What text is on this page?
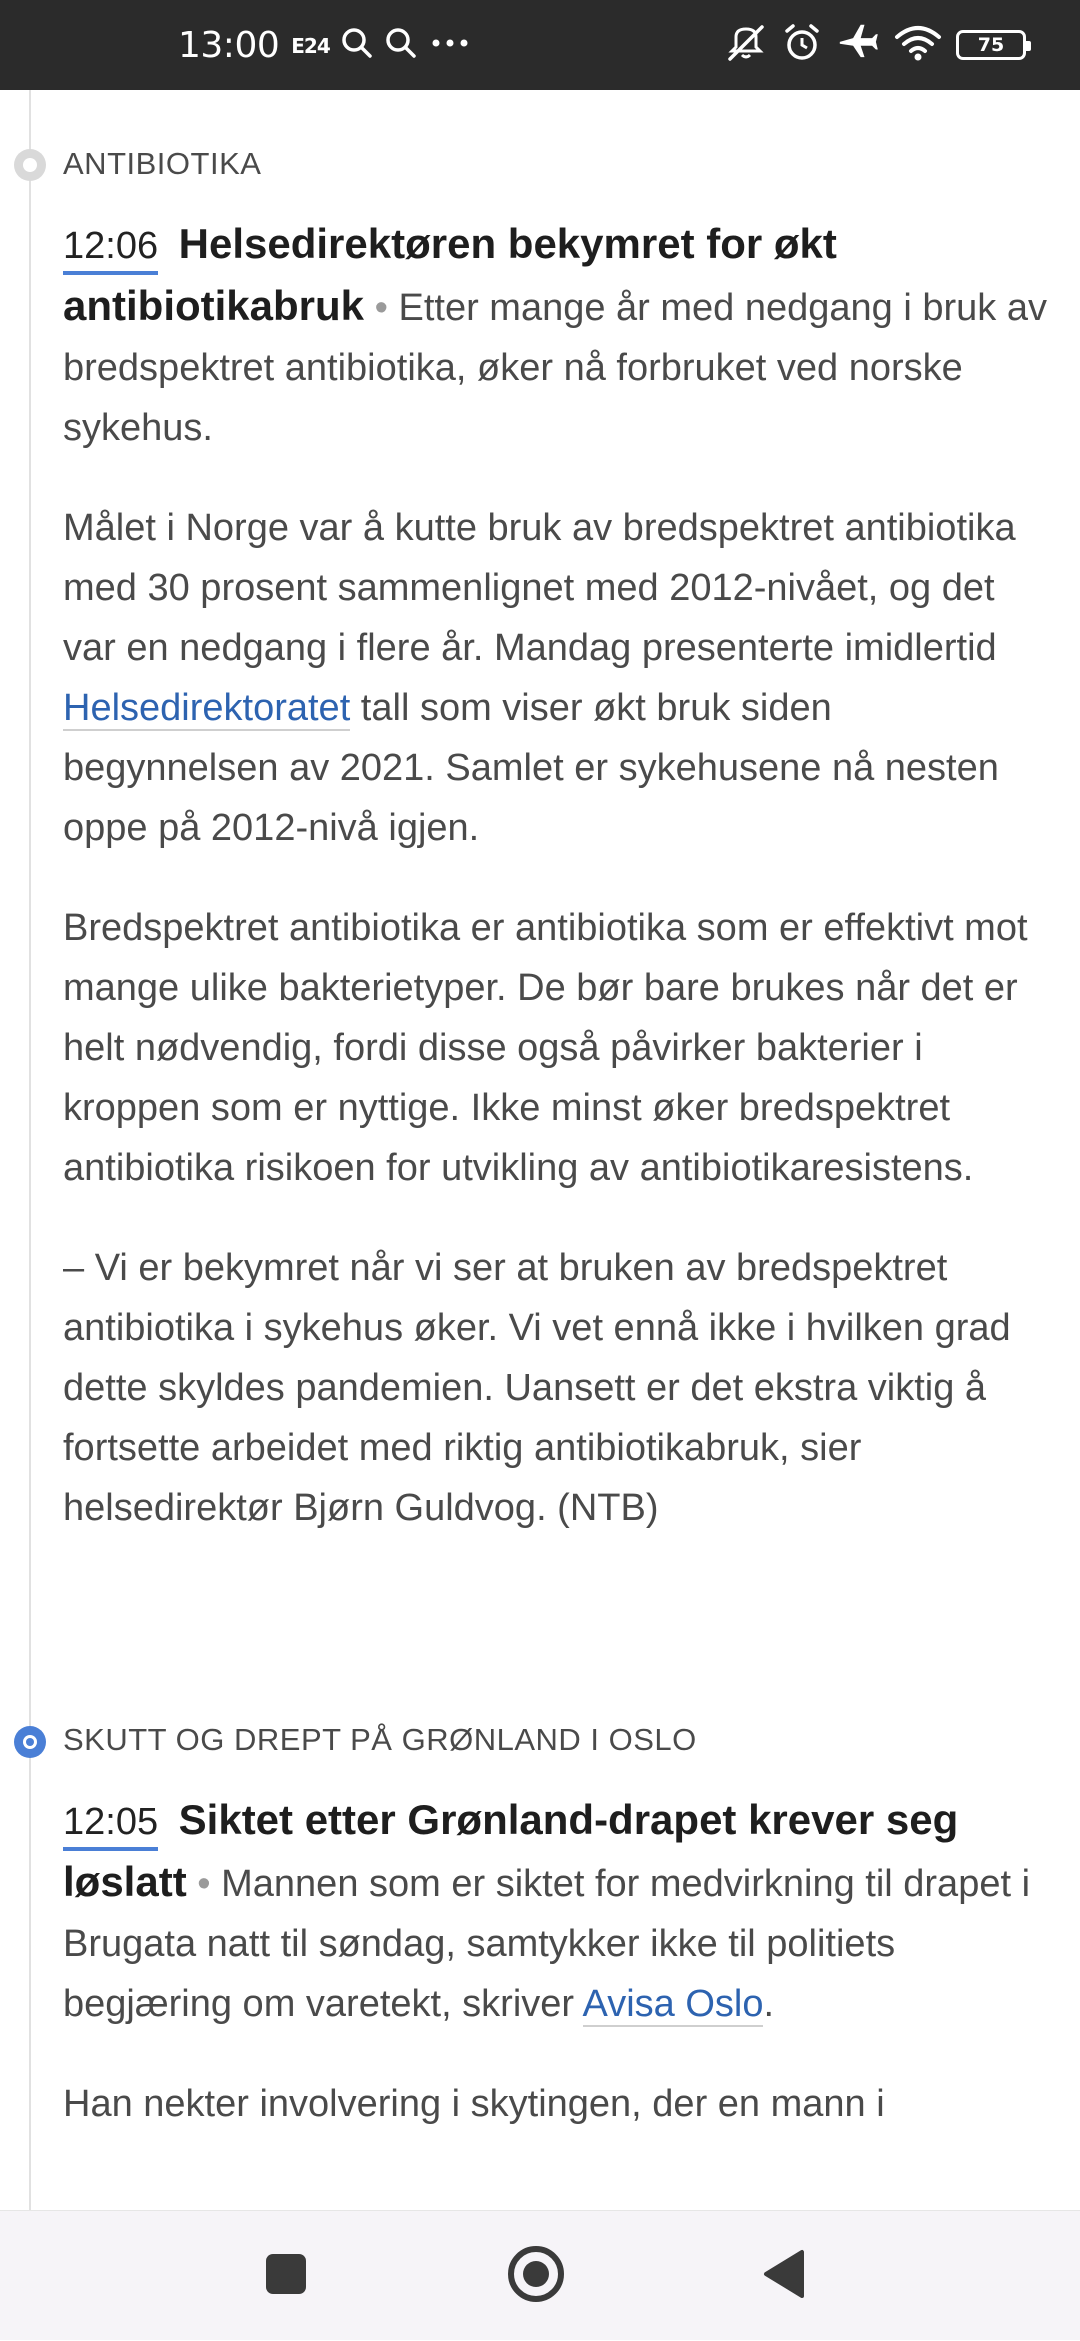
13:00 E24	75
ANTIBIOTIKA

12:06 Helsedirektøren bekymret for økt antibiotikabruk • Etter mange år med nedgang i bruk av bredspektret antibiotika, øker nå forbruket ved norske sykehus.

Målet i Norge var å kutte bruk av bredspektret antibiotika med 30 prosent sammenlignet med 2012-nivået, og det var en nedgang i flere år. Mandag presenterte imidlertid Helsedirektoratet tall som viser økt bruk siden begynnelsen av 2021. Samlet er sykehusene nå nesten oppe på 2012-nivå igjen.

Bredspektret antibiotika er antibiotika som er effektivt mot mange ulike bakterietyper. De bør bare brukes når det er helt nødvendig, fordi disse også påvirker bakterier i kroppen som er nyttige. Ikke minst øker bredspektret antibiotika risikoen for utvikling av antibiotikaresistens.

– Vi er bekymret når vi ser at bruken av bredspektret antibiotika i sykehus øker. Vi vet ennå ikke i hvilken grad dette skyldes pandemien. Uansett er det ekstra viktig å fortsette arbeidet med riktig antibiotikabruk, sier helsedirektør Bjørn Guldvog. (NTB)

SKUTT OG DREPT PÅ GRØNLAND I OSLO

12:05 Siktet etter Grønland-drapet krever seg løslatt • Mannen som er siktet for medvirkning til drapet i Brugata natt til søndag, samtykker ikke til politiets begjæring om varetekt, skriver Avisa Oslo.

Han nekter involvering i skytingen, der en mann i
